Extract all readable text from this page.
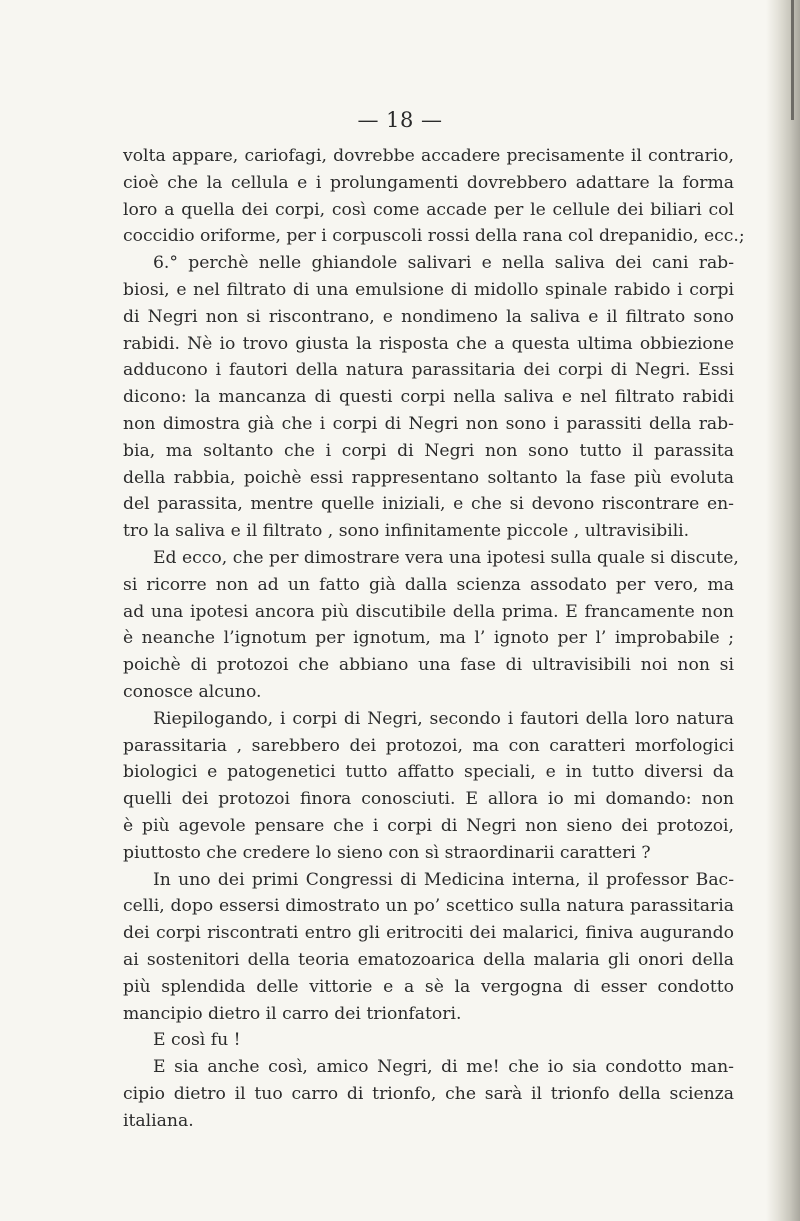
— 18 —
volta appare, cariofagi, dovrebbe accadere precisamente il contrario,
cioè che la cellula e i prolungamenti dovrebbero adattare la forma
loro a quella dei corpi, così come accade per le cellule dei biliari col
coccidio oriforme, per i corpuscoli rossi della rana col drepanidio, ecc.;
6.° perchè nelle ghiandole salivari e nella saliva dei cani rab-
biosi, e nel filtrato di una emulsione di midollo spinale rabido i corpi
di Negri non si riscontrano, e nondimeno la saliva e il filtrato sono
rabidi. Nè io trovo giusta la risposta che a questa ultima obbiezione
adducono i fautori della natura parassitaria dei corpi di Negri. Essi
dicono: la mancanza di questi corpi nella saliva e nel filtrato rabidi
non dimostra già che i corpi di Negri non sono i parassiti della rab-
bia, ma soltanto che i corpi di Negri non sono tutto il parassita
della rabbia, poichè essi rappresentano soltanto la fase più evoluta
del parassita, mentre quelle iniziali, e che si devono riscontrare en-
tro la saliva e il filtrato , sono infinitamente piccole , ultravisibili.
Ed ecco, che per dimostrare vera una ipotesi sulla quale si discute,
si ricorre non ad un fatto già dalla scienza assodato per vero, ma
ad una ipotesi ancora più discutibile della prima. E francamente non
è neanche l’ignotum per ignotum, ma l’ ignoto per l’ improbabile ;
poichè di protozoi che abbiano una fase di ultravisibili noi non si
conosce alcuno.
Riepilogando, i corpi di Negri, secondo i fautori della loro natura
parassitaria , sarebbero dei protozoi, ma con caratteri morfologici
biologici e patogenetici tutto affatto speciali, e in tutto diversi da
quelli dei protozoi finora conosciuti. E allora io mi domando: non
è più agevole pensare che i corpi di Negri non sieno dei protozoi,
piuttosto che credere lo sieno con sì straordinarii caratteri ?
In uno dei primi Congressi di Medicina interna, il professor Bac-
celli, dopo essersi dimostrato un po’ scettico sulla natura parassitaria
dei corpi riscontrati entro gli eritrociti dei malarici, finiva augurando
ai sostenitori della teoria ematozoarica della malaria gli onori della
più splendida delle vittorie e a sè la vergogna di esser condotto
mancipio dietro il carro dei trionfatori.
E così fu !
E sia anche così, amico Negri, di me! che io sia condotto man-
cipio dietro il tuo carro di trionfo, che sarà il trionfo della scienza
italiana.
